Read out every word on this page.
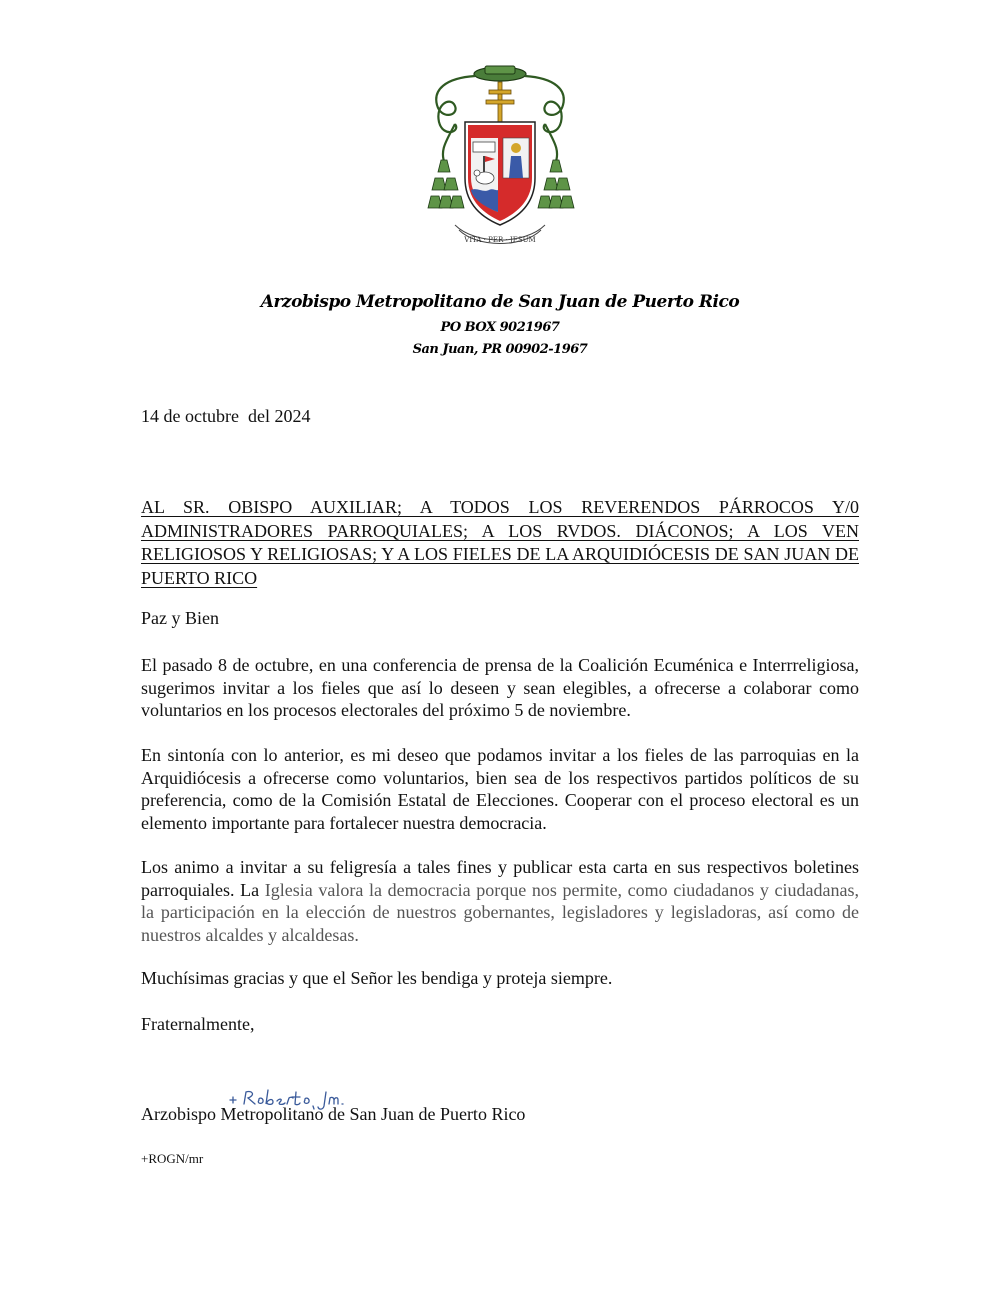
VITA · PER · JESUM
Arzobispo Metropolitano de San Juan de Puerto Rico
PO BOX 9021967
San Juan, PR 00902-1967
14 de octubre  del 2024

AL SR. OBISPO AUXILIAR; A TODOS LOS REVERENDOS PÁRROCOS Y/0 ADMINISTRADORES PARROQUIALES; A LOS RVDOS. DIÁCONOS; A LOS VEN RELIGIOSOS Y RELIGIOSAS; Y A LOS FIELES DE LA ARQUIDIÓCESIS DE SAN JUAN DE PUERTO RICO

Paz y Bien

El pasado 8 de octubre, en una conferencia de prensa de la Coalición Ecuménica e Interrreligiosa, sugerimos invitar a los fieles que así lo deseen y sean elegibles, a ofrecerse a colaborar como voluntarios en los procesos electorales del próximo 5 de noviembre.

En sintonía con lo anterior, es mi deseo que podamos invitar a los fieles de las parroquias en la Arquidiócesis a ofrecerse como voluntarios, bien sea de los respectivos partidos políticos de su preferencia, como de la Comisión Estatal de Elecciones. Cooperar con el proceso electoral es un elemento importante para fortalecer nuestra democracia.

Los animo a invitar a su feligresía a tales fines y publicar esta carta en sus respectivos boletines parroquiales. La Iglesia valora la democracia porque nos permite, como ciudadanos y ciudadanas, la participación en la elección de nuestros gobernantes, legisladores y legisladoras, así como de nuestros alcaldes y alcaldesas.

Muchísimas gracias y que el Señor les bendiga y proteja siempre.

Fraternalmente,

Arzobispo Metropolitano de San Juan de Puerto Rico

+ROGN/mr
